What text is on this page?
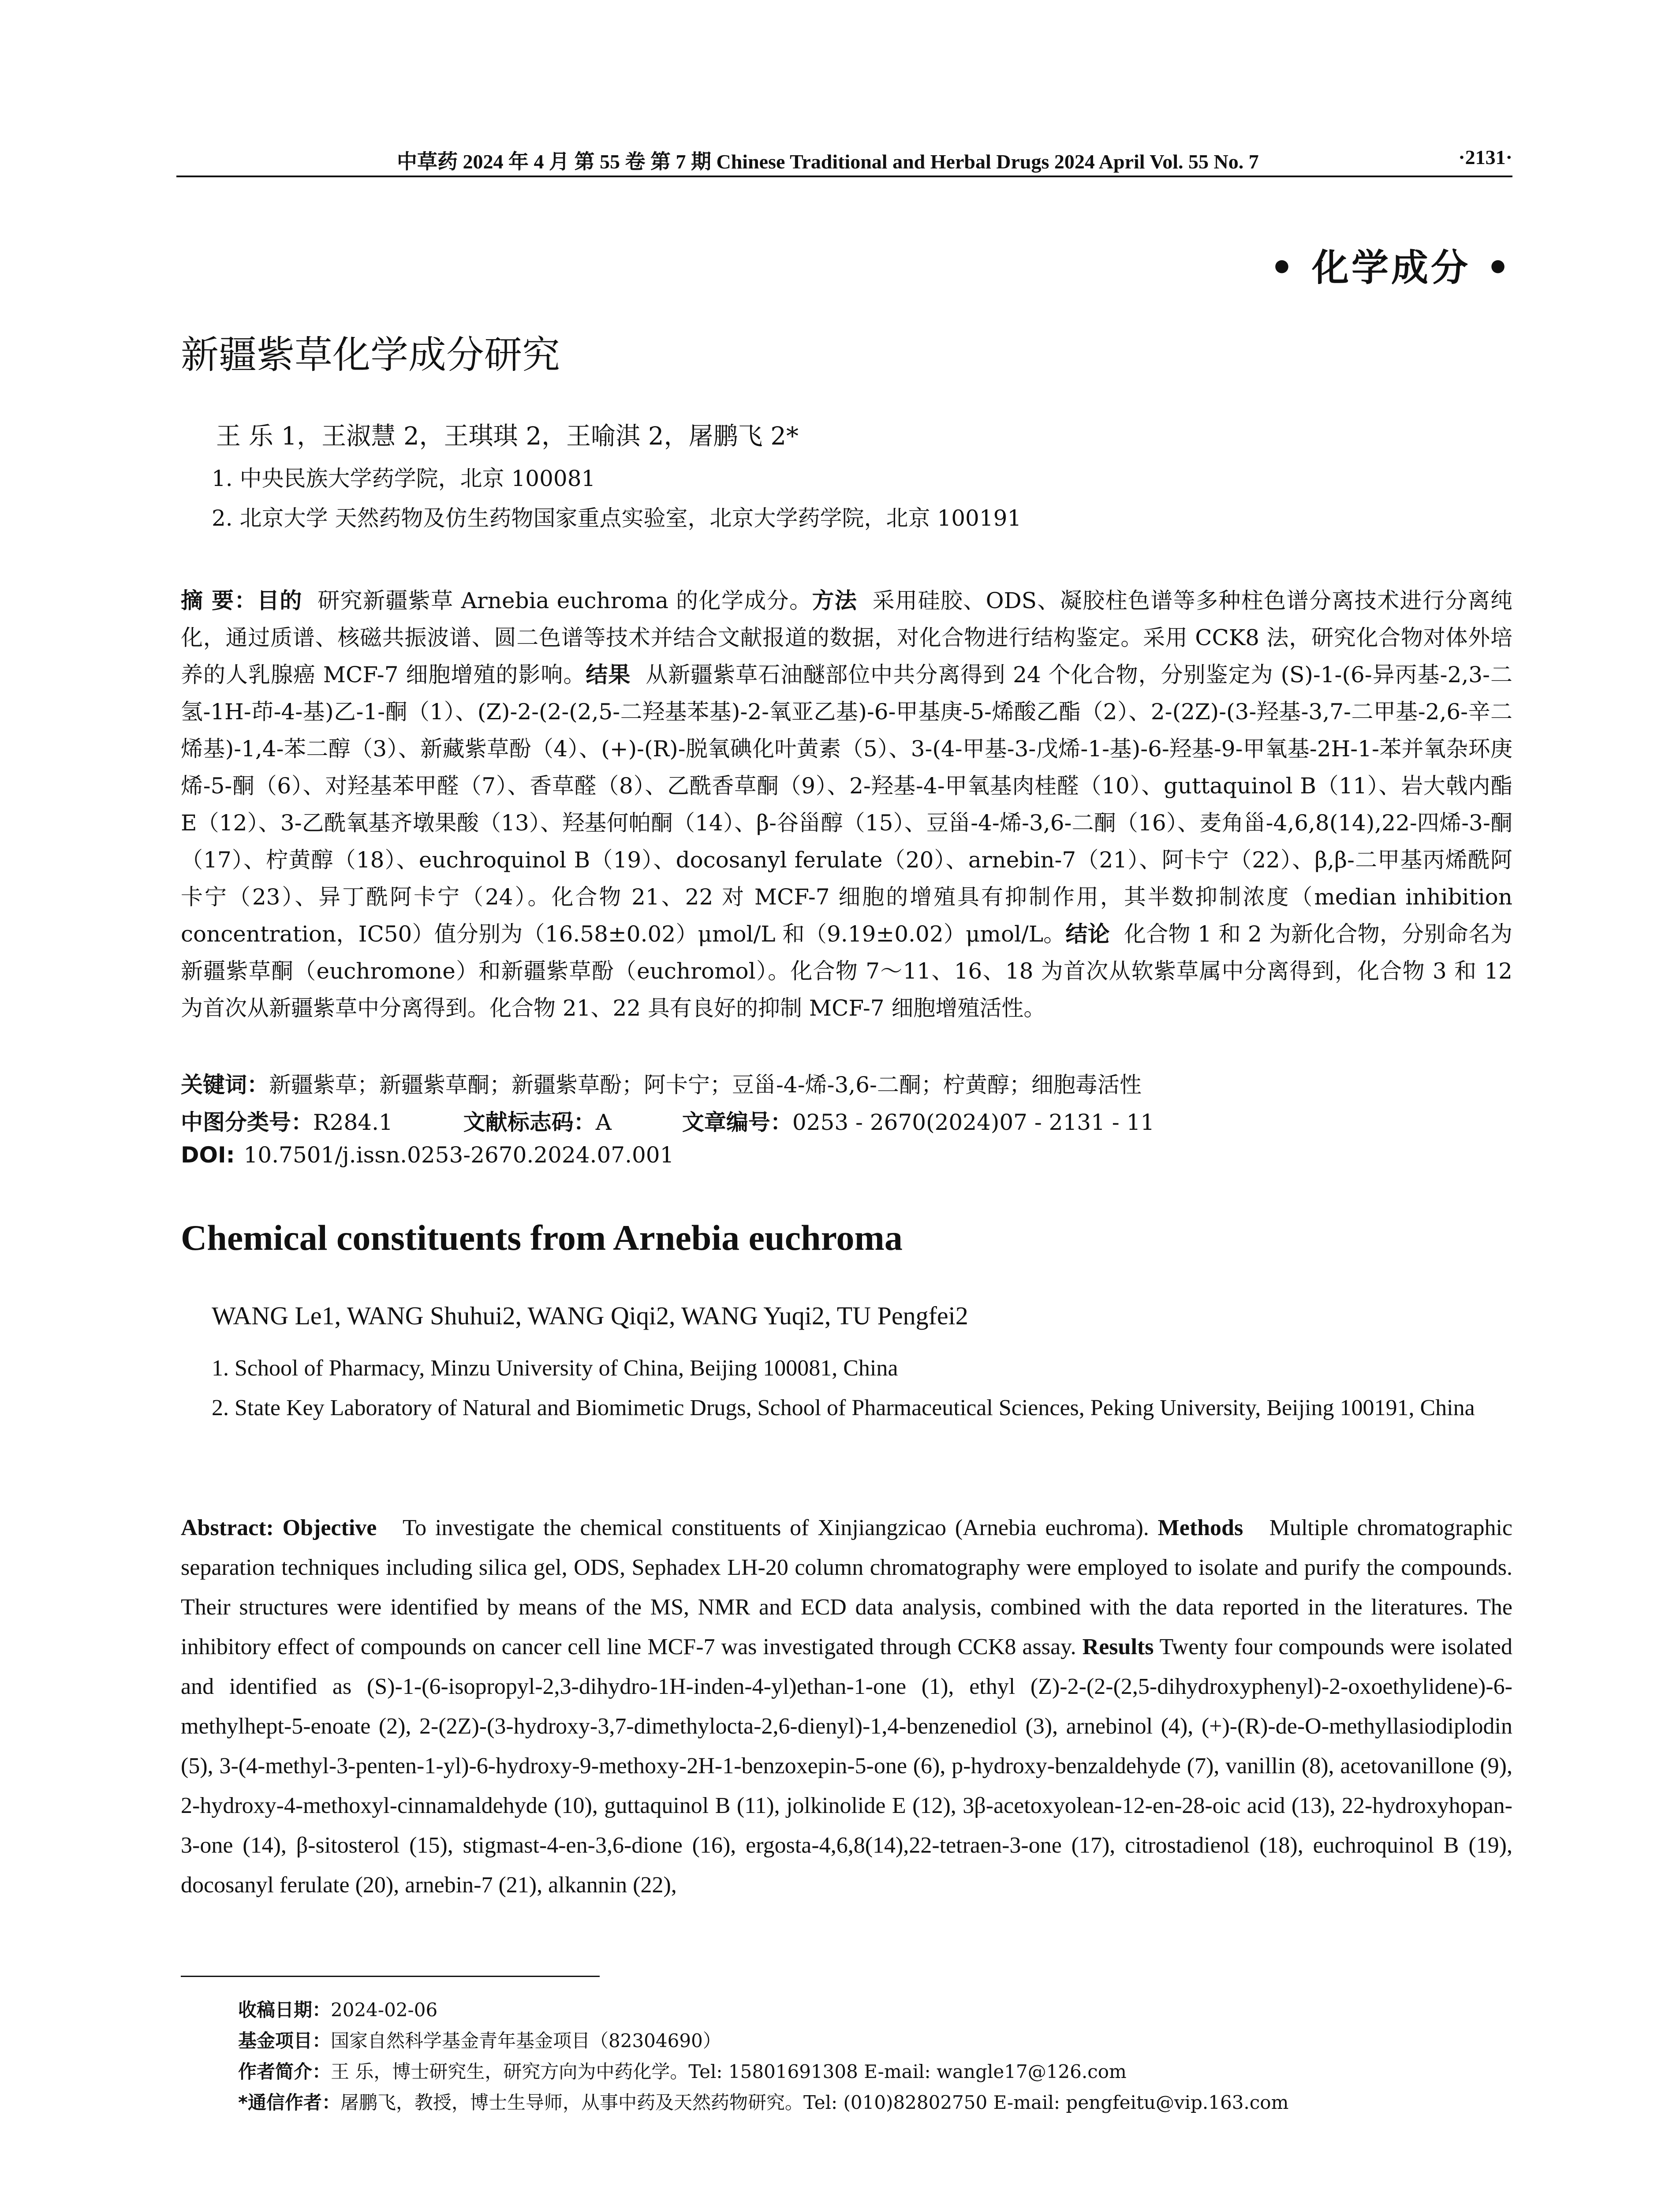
中草药 2024 年 4 月 第 55 卷 第 7 期 Chinese Traditional and Herbal Drugs 2024 April Vol. 55 No. 7	·2131·
• 化学成分 •
新疆紫草化学成分研究
王 乐 1，王淑慧 2，王琪琪 2，王喻淇 2，屠鹏飞 2*
1. 中央民族大学药学院，北京 100081
2. 北京大学 天然药物及仿生药物国家重点实验室，北京大学药学院，北京 100191
摘 要：目的 研究新疆紫草 Arnebia euchroma 的化学成分。方法 采用硅胶、ODS、凝胶柱色谱等多种柱色谱分离技术进行分离纯化，通过质谱、核磁共振波谱、圆二色谱等技术并结合文献报道的数据，对化合物进行结构鉴定。采用 CCK8 法，研究化合物对体外培养的人乳腺癌 MCF-7 细胞增殖的影响。结果 从新疆紫草石油醚部位中共分离得到 24 个化合物，分别鉴定为 (S)-1-(6-异丙基-2,3-二氢-1H-茚-4-基)乙-1-酮（1）、(Z)-2-(2-(2,5-二羟基苯基)-2-氧亚乙基)-6-甲基庚-5-烯酸乙酯（2）、2-(2Z)-(3-羟基-3,7-二甲基-2,6-辛二烯基)-1,4-苯二醇（3）、新藏紫草酚（4）、(+)-(R)-脱氧碘化叶黄素（5）、3-(4-甲基-3-戊烯-1-基)-6-羟基-9-甲氧基-2H-1-苯并氧杂环庚烯-5-酮（6）、对羟基苯甲醛（7）、香草醛（8）、乙酰香草酮（9）、2-羟基-4-甲氧基肉桂醛（10）、guttaquinol B（11）、岩大戟内酯 E（12）、3-乙酰氧基齐墩果酸（13）、羟基何帕酮（14）、β-谷甾醇（15）、豆甾-4-烯-3,6-二酮（16）、麦角甾-4,6,8(14),22-四烯-3-酮（17）、柠黄醇（18）、euchroquinol B（19）、docosanyl ferulate（20）、arnebin-7（21）、阿卡宁（22）、β,β-二甲基丙烯酰阿卡宁（23）、异丁酰阿卡宁（24）。化合物 21、22 对 MCF-7 细胞的增殖具有抑制作用，其半数抑制浓度（median inhibition concentration，IC50）值分别为（16.58±0.02）μmol/L 和（9.19±0.02）μmol/L。结论 化合物 1 和 2 为新化合物，分别命名为新疆紫草酮（euchromone）和新疆紫草酚（euchromol）。化合物 7～11、16、18 为首次从软紫草属中分离得到，化合物 3 和 12 为首次从新疆紫草中分离得到。化合物 21、22 具有良好的抑制 MCF-7 细胞增殖活性。
关键词：新疆紫草；新疆紫草酮；新疆紫草酚；阿卡宁；豆甾-4-烯-3,6-二酮；柠黄醇；细胞毒活性
中图分类号：R284.1	文献标志码：A	文章编号：0253 - 2670(2024)07 - 2131 - 11
DOI: 10.7501/j.issn.0253-2670.2024.07.001
Chemical constituents from Arnebia euchroma
WANG Le1, WANG Shuhui2, WANG Qiqi2, WANG Yuqi2, TU Pengfei2
1. School of Pharmacy, Minzu University of China, Beijing 100081, China
2. State Key Laboratory of Natural and Biomimetic Drugs, School of Pharmaceutical Sciences, Peking University, Beijing 100191, China
Abstract: Objective To investigate the chemical constituents of Xinjiangzicao (Arnebia euchroma). Methods Multiple chromatographic separation techniques including silica gel, ODS, Sephadex LH-20 column chromatography were employed to isolate and purify the compounds. Their structures were identified by means of the MS, NMR and ECD data analysis, combined with the data reported in the literatures. The inhibitory effect of compounds on cancer cell line MCF-7 was investigated through CCK8 assay. Results Twenty four compounds were isolated and identified as (S)-1-(6-isopropyl-2,3-dihydro-1H-inden-4-yl)ethan-1-one (1), ethyl (Z)-2-(2-(2,5-dihydroxyphenyl)-2-oxoethylidene)-6-methylhept-5-enoate (2), 2-(2Z)-(3-hydroxy-3,7-dimethylocta-2,6-dienyl)-1,4-benzenediol (3), arnebinol (4), (+)-(R)-de-O-methyllasiodiplodin (5), 3-(4-methyl-3-penten-1-yl)-6-hydroxy-9-methoxy-2H-1-benzoxepin-5-one (6), p-hydroxy-benzaldehyde (7), vanillin (8), acetovanillone (9), 2-hydroxy-4-methoxyl-cinnamaldehyde (10), guttaquinol B (11), jolkinolide E (12), 3β-acetoxyolean-12-en-28-oic acid (13), 22-hydroxyhopan-3-one (14), β-sitosterol (15), stigmast-4-en-3,6-dione (16), ergosta-4,6,8(14),22-tetraen-3-one (17), citrostadienol (18), euchroquinol B (19), docosanyl ferulate (20), arnebin-7 (21), alkannin (22),
收稿日期：2024-02-06
基金项目：国家自然科学基金青年基金项目（82304690）
作者简介：王 乐，博士研究生，研究方向为中药化学。Tel: 15801691308 E-mail: wangle17@126.com
*通信作者：屠鹏飞，教授，博士生导师，从事中药及天然药物研究。Tel: (010)82802750 E-mail: pengfeitu@vip.163.com
